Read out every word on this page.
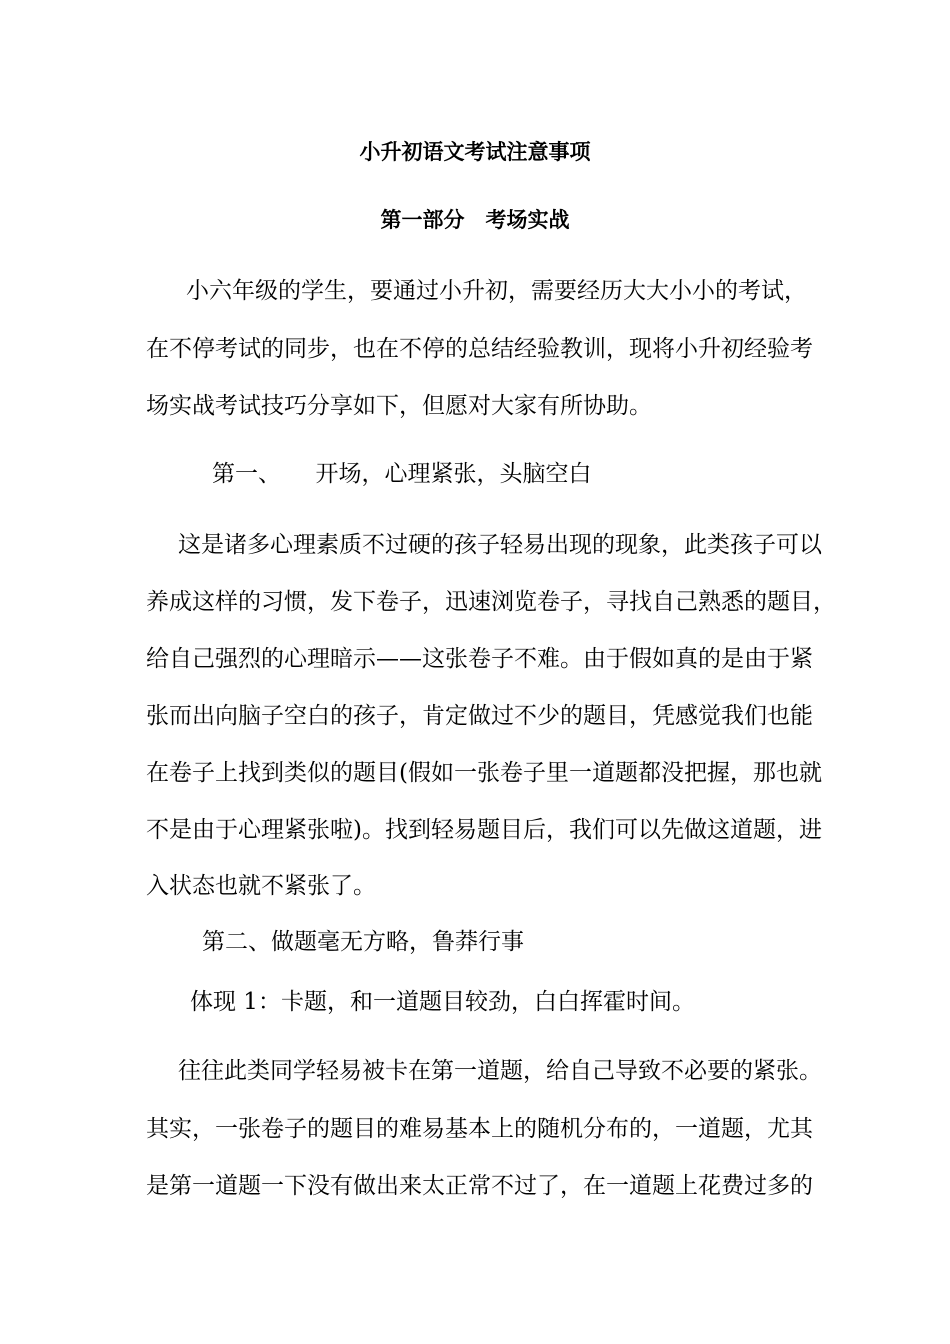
小升初语文考试注意事项
第一部分　考场实战
小六年级的学生，要通过小升初，需要经历大大小小的考试，
在不停考试的同步，也在不停的总结经验教训，现将小升初经验考
场实战考试技巧分享如下，但愿对大家有所协助。
第一、　　开场，心理紧张，头脑空白
这是诸多心理素质不过硬的孩子轻易出现的现象，此类孩子可以
养成这样的习惯，发下卷子，迅速浏览卷子，寻找自己熟悉的题目，
给自己强烈的心理暗示——这张卷子不难。由于假如真的是由于紧
张而出向脑子空白的孩子，肯定做过不少的题目，凭感觉我们也能
在卷子上找到类似的题目(假如一张卷子里一道题都没把握，那也就
不是由于心理紧张啦)。找到轻易题目后，我们可以先做这道题，进
入状态也就不紧张了。
第二、做题毫无方略，鲁莽行事
体现 1：卡题，和一道题目较劲，白白挥霍时间。
往往此类同学轻易被卡在第一道题，给自己导致不必要的紧张。
其实，一张卷子的题目的难易基本上的随机分布的，一道题，尤其
是第一道题一下没有做出来太正常不过了，在一道题上花费过多的
